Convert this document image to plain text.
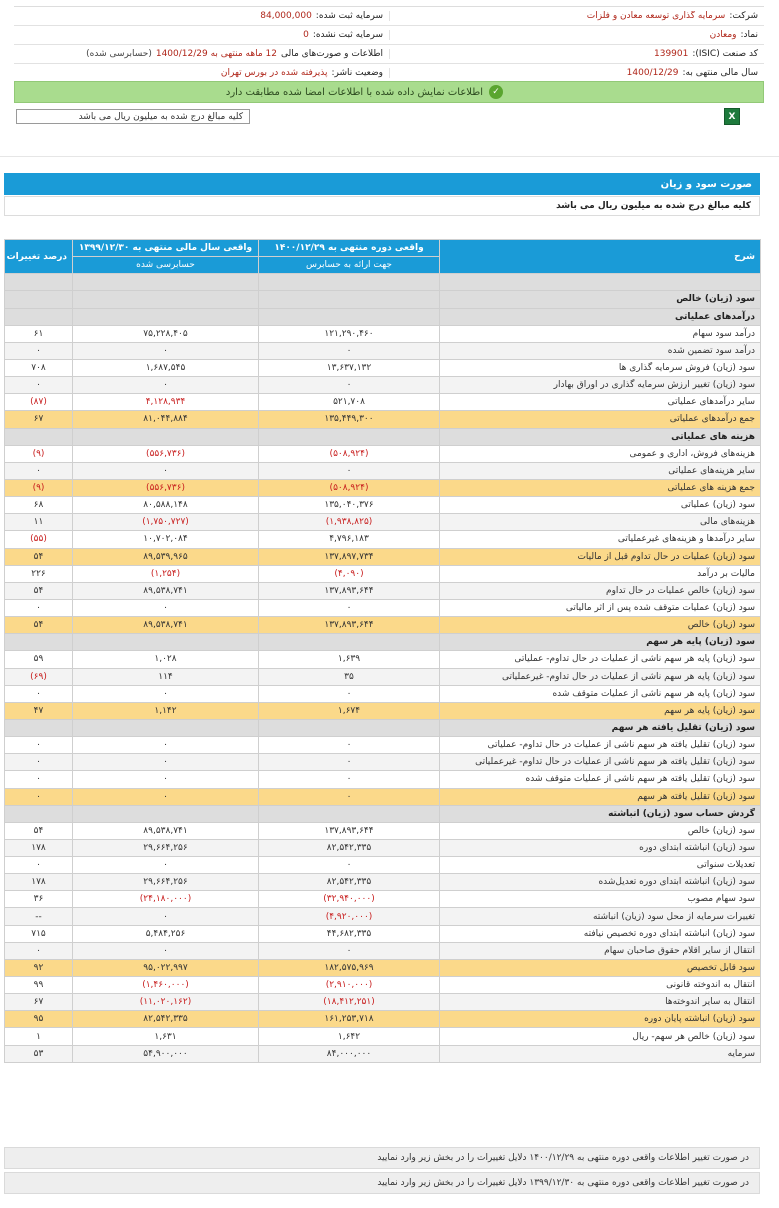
شرکت:
سرمایه گذاری توسعه معادن و فلزات
سرمایه ثبت شده:
84,000,000
نماد:
ومعادن
سرمایه ثبت نشده:
0
کد صنعت (ISIC):
139901
اطلاعات و صورت‌های مالی
12 ماهه منتهی به 1400/12/29
(حسابرسی شده)
سال مالی منتهی به:
1400/12/29
وضعیت ناشر:
پذیرفته شده در بورس تهران
✓
اطلاعات نمایش داده شده با اطلاعات امضا شده مطابقت دارد
X
کلیه مبالغ درج شده به میلیون ریال می باشد
صورت سود و زیان
کلیه مبالغ درج شده به میلیون ریال می باشد
شرح	واقعی دوره منتهی به ۱۴۰۰/۱۲/۲۹	واقعی سال مالی منتهی به ۱۳۹۹/۱۲/۳۰	درصد تغییرات
	جهت ارائه به حسابرس	حسابرسی شده	

سود (زیان) خالص			
درآمدهای عملیاتی			
درآمد سود سهام	۱۲۱,۲۹۰,۴۶۰	۷۵,۲۲۸,۴۰۵	۶۱
درآمد سود تضمین شده	۰	۰	۰
سود (زیان) فروش سرمایه گذاری ها	۱۳,۶۳۷,۱۳۲	۱,۶۸۷,۵۴۵	۷۰۸
سود (زیان) تغییر ارزش سرمایه گذاری در اوراق بهادار	۰	۰	۰
سایر درآمدهای عملیاتی	۵۲۱,۷۰۸	۴,۱۲۸,۹۳۴	(۸۷)
جمع درآمدهای عملیاتی	۱۳۵,۴۴۹,۳۰۰	۸۱,۰۴۴,۸۸۴	۶۷
هزینه های عملیاتی			
هزینه‌های فروش، اداری و عمومی	(۵۰۸,۹۲۴)	(۵۵۶,۷۳۶)	(۹)
سایر هزینه‌های عملیاتی	۰	۰	۰
جمع هزینه های عملیاتی	(۵۰۸,۹۲۴)	(۵۵۶,۷۳۶)	(۹)
سود (زیان) عملیاتی	۱۳۵,۰۴۰,۳۷۶	۸۰,۵۸۸,۱۴۸	۶۸
هزینه‌های مالی	(۱,۹۳۸,۸۲۵)	(۱,۷۵۰,۷۲۷)	۱۱
سایر درآمدها و هزینه‌های غیرعملیاتی	۴,۷۹۶,۱۸۳	۱۰,۷۰۲,۰۸۴	(۵۵)
سود (زیان) عملیات در حال تداوم قبل از مالیات	۱۳۷,۸۹۷,۷۳۴	۸۹,۵۳۹,۹۶۵	۵۴
مالیات بر درآمد	(۴,۰۹۰)	(۱,۲۵۴)	۲۲۶
سود (زیان) خالص عملیات در حال تداوم	۱۳۷,۸۹۳,۶۴۴	۸۹,۵۳۸,۷۴۱	۵۴
سود (زیان) عملیات متوقف شده پس از اثر مالیاتی	۰	۰	۰
سود (زیان) خالص	۱۳۷,۸۹۳,۶۴۴	۸۹,۵۳۸,۷۴۱	۵۴
سود (زیان) پایه هر سهم			
سود (زیان) پایه هر سهم ناشی از عملیات در حال تداوم- عملیاتی	۱,۶۳۹	۱,۰۲۸	۵۹
سود (زیان) پایه هر سهم ناشی از عملیات در حال تداوم- غیرعملیاتی	۳۵	۱۱۴	(۶۹)
سود (زیان) پایه هر سهم ناشی از عملیات متوقف شده	۰	۰	۰
سود (زیان) پایه هر سهم	۱,۶۷۴	۱,۱۴۲	۴۷
سود (زیان) تقلیل یافته هر سهم			
سود (زیان) تقلیل یافته هر سهم ناشی از عملیات در حال تداوم- عملیاتی	۰	۰	۰
سود (زیان) تقلیل یافته هر سهم ناشی از عملیات در حال تداوم- غیرعملیاتی	۰	۰	۰
سود (زیان) تقلیل یافته هر سهم ناشی از عملیات متوقف شده	۰	۰	۰
سود (زیان) تقلیل یافته هر سهم	۰	۰	۰
گردش حساب سود (زیان) انباشته			
سود (زیان) خالص	۱۳۷,۸۹۳,۶۴۴	۸۹,۵۳۸,۷۴۱	۵۴
سود (زیان) انباشته ابتدای دوره	۸۲,۵۴۲,۳۳۵	۲۹,۶۶۴,۲۵۶	۱۷۸
تعدیلات سنواتی	۰	۰	۰
سود (زیان) انباشته ابتدای دوره تعدیل‌شده	۸۲,۵۴۲,۳۳۵	۲۹,۶۶۴,۲۵۶	۱۷۸
سود سهام مصوب	(۳۲,۹۴۰,۰۰۰)	(۲۴,۱۸۰,۰۰۰)	۳۶
تغییرات سرمایه از محل سود (زیان) انباشته	(۴,۹۲۰,۰۰۰)	۰	--
سود (زیان) انباشته ابتدای دوره تخصیص نیافته	۴۴,۶۸۲,۳۳۵	۵,۴۸۴,۲۵۶	۷۱۵
انتقال از سایر اقلام حقوق صاحبان سهام	۰	۰	۰
سود قابل تخصیص	۱۸۲,۵۷۵,۹۶۹	۹۵,۰۲۲,۹۹۷	۹۲
انتقال به اندوخته قانونی	(۲,۹۱۰,۰۰۰)	(۱,۴۶۰,۰۰۰)	۹۹
انتقال به سایر اندوخته‌ها	(۱۸,۴۱۲,۲۵۱)	(۱۱,۰۲۰,۱۶۲)	۶۷
سود (زیان) انباشته پایان دوره	۱۶۱,۲۵۳,۷۱۸	۸۲,۵۴۲,۳۳۵	۹۵
سود (زیان) خالص هر سهم- ریال	۱,۶۴۲	۱,۶۳۱	۱
سرمایه	۸۴,۰۰۰,۰۰۰	۵۴,۹۰۰,۰۰۰	۵۳
در صورت تغییر اطلاعات واقعی دوره منتهی به ۱۴۰۰/۱۲/۲۹ دلایل تغییرات را در بخش زیر وارد نمایید
در صورت تغییر اطلاعات واقعی دوره منتهی به ۱۳۹۹/۱۲/۳۰ دلایل تغییرات را در بخش زیر وارد نمایید
